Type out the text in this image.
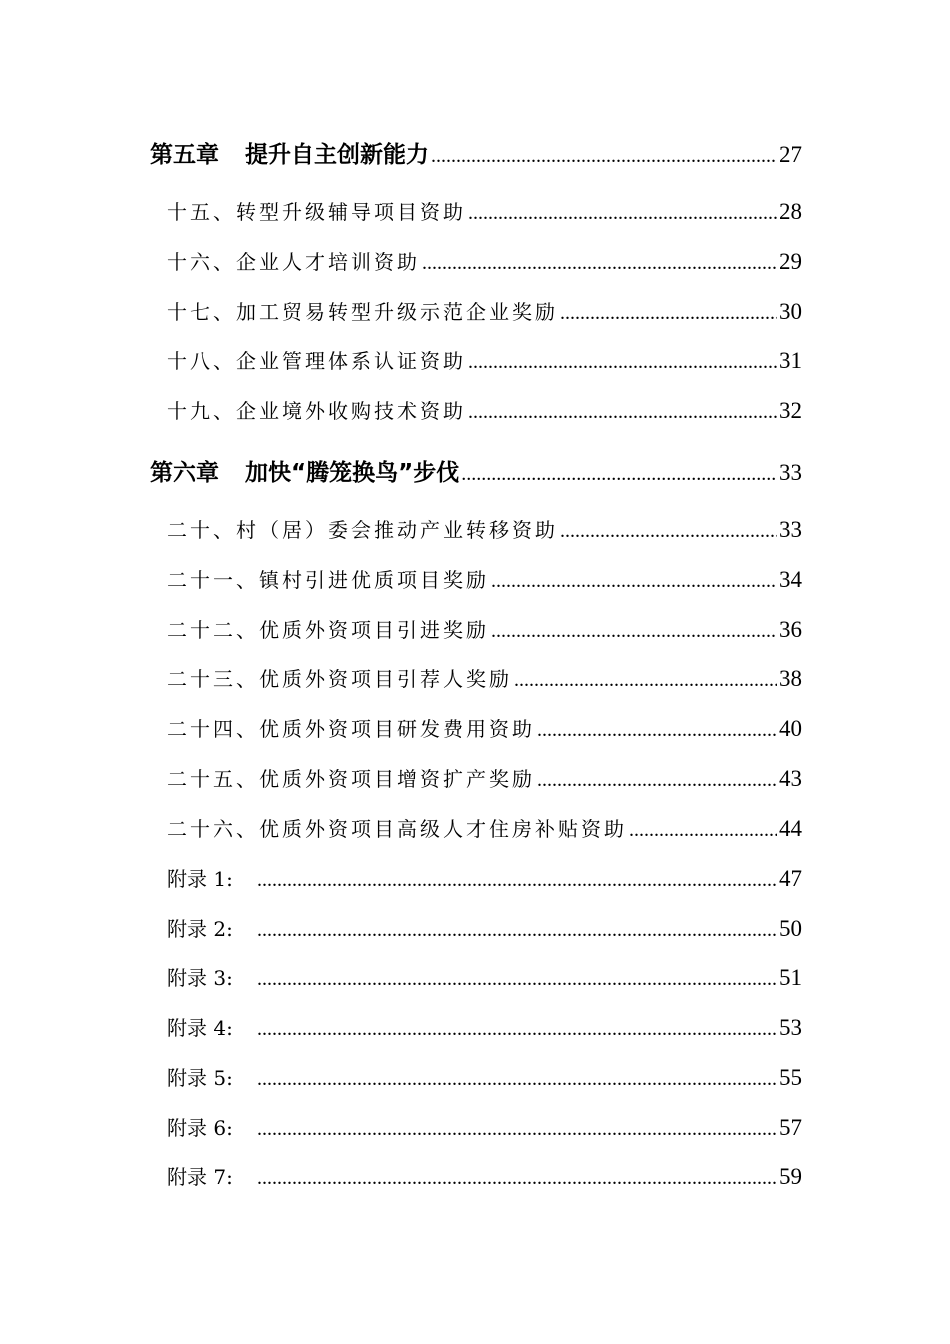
第五章 提升自主创新能力 .....	27
十五、转型升级辅导项目资助 .....	28
十六、企业人才培训资助 .....	29
十七、加工贸易转型升级示范企业奖励 .....	30
十八、企业管理体系认证资助 .....	31
十九、企业境外收购技术资助 .....	32
第六章 加快“腾笼换鸟”步伐 .....	33
二十、村（居）委会推动产业转移资助 .....	33
二十一、镇村引进优质项目奖励 .....	34
二十二、优质外资项目引进奖励 .....	36
二十三、优质外资项目引荐人奖励 .....	38
二十四、优质外资项目研发费用资助 .....	40
二十五、优质外资项目增资扩产奖励 .....	43
二十六、优质外资项目高级人才住房补贴资助 .....	44
附录 1: .....	47
附录 2: .....	50
附录 3: .....	51
附录 4: .....	53
附录 5: .....	55
附录 6: .....	57
附录 7: .....	59
